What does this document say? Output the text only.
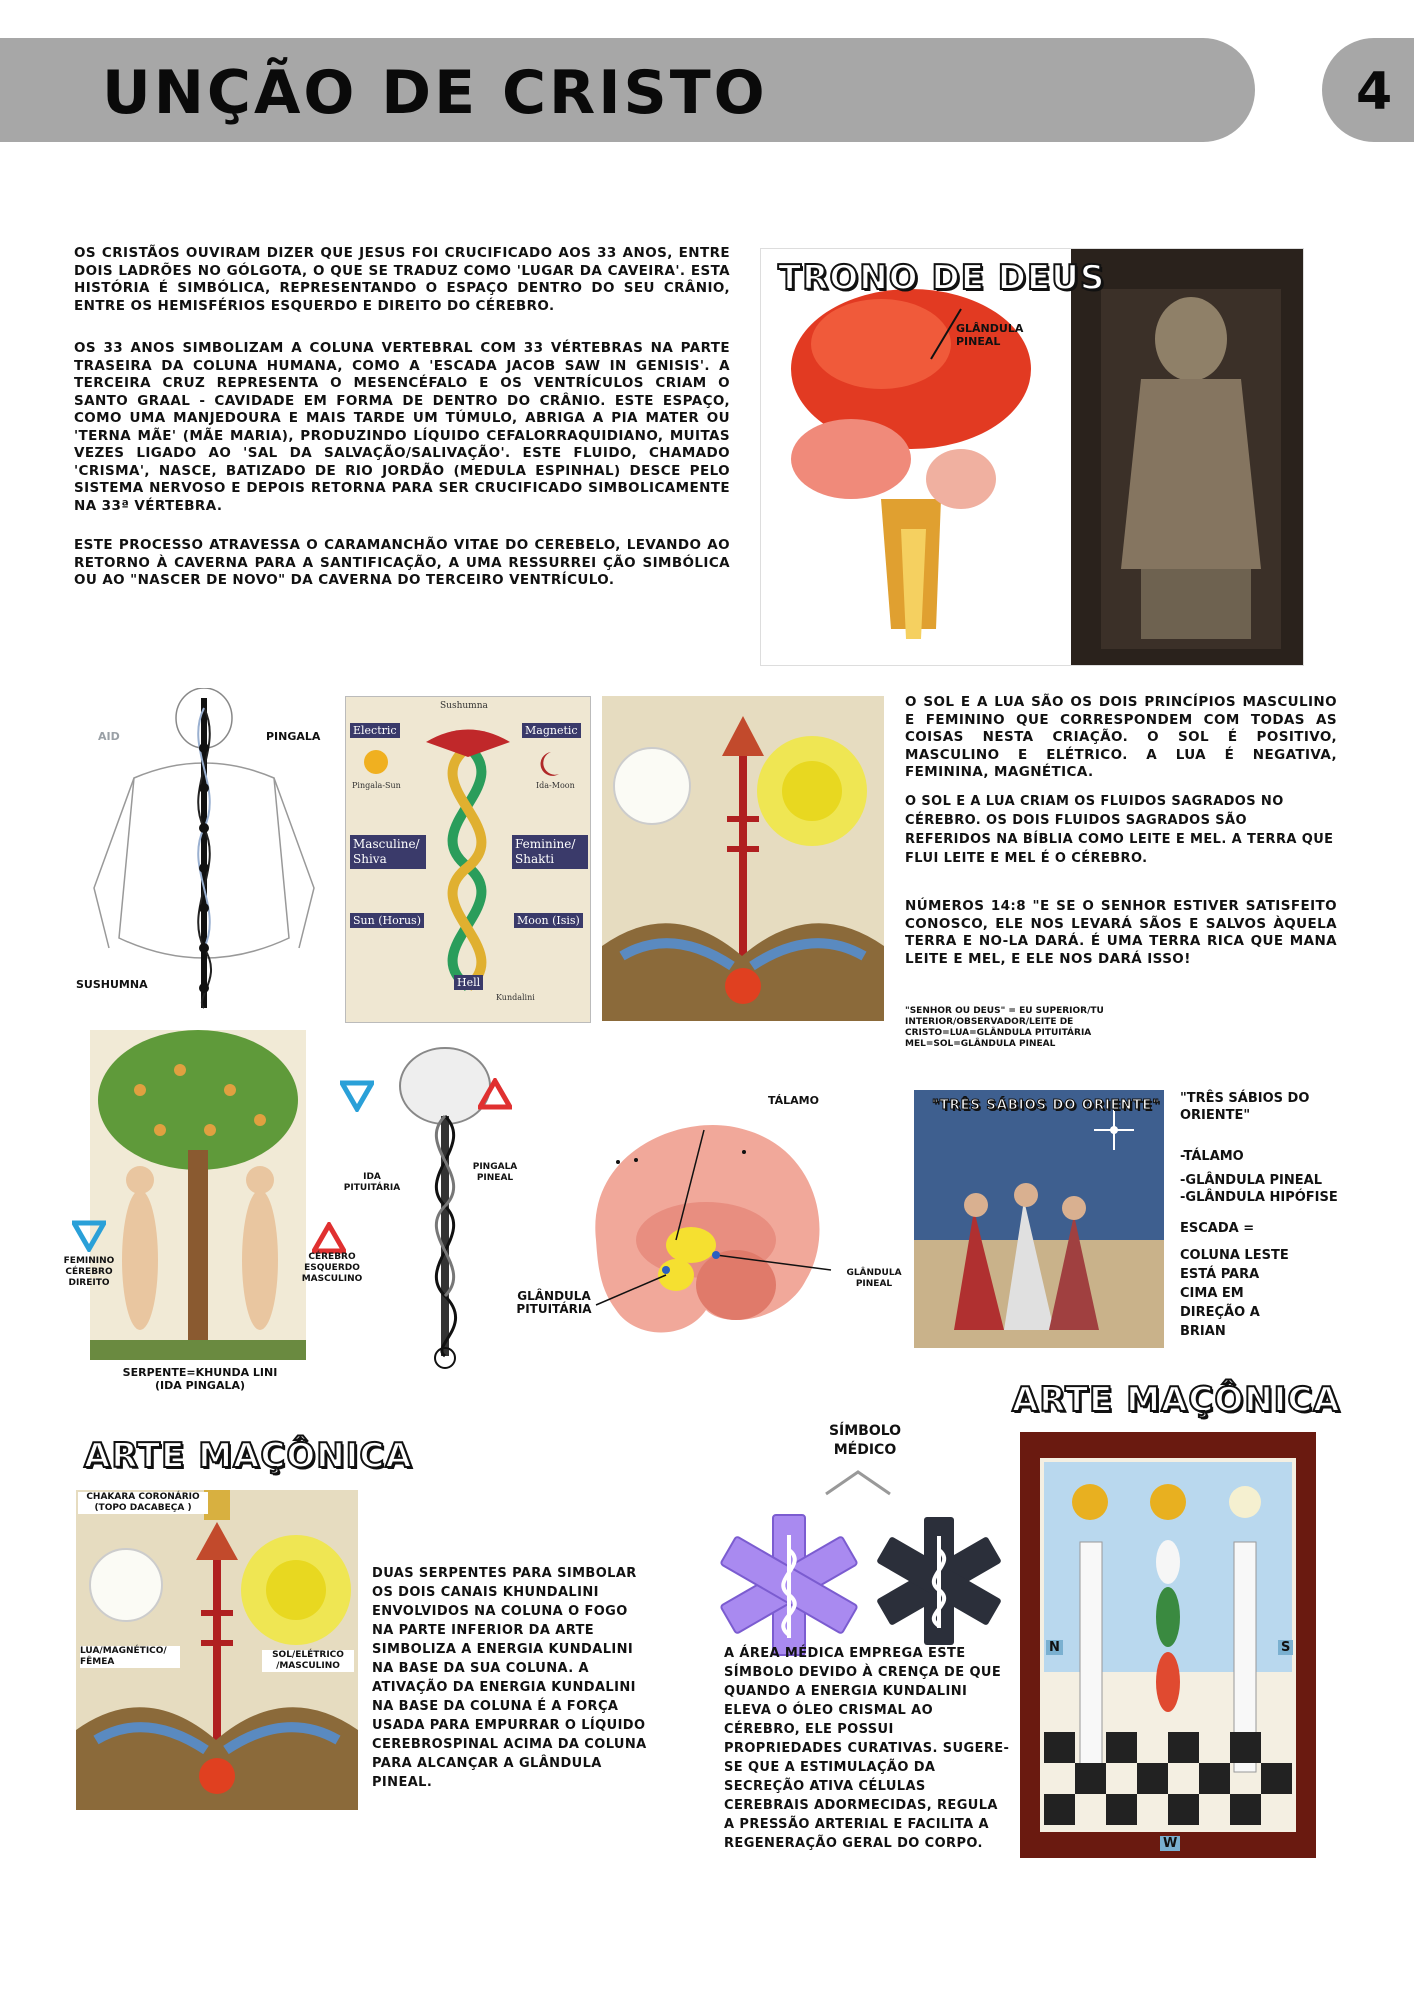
UNÇÃO DE CRISTO	4
OS CRISTÃOS OUVIRAM DIZER QUE JESUS FOI CRUCIFICADO AOS 33 ANOS, ENTRE DOIS LADRÕES NO GÓLGOTA, O QUE SE TRADUZ COMO 'LUGAR DA CAVEIRA'. ESTA HISTÓRIA É SIMBÓLICA, REPRESENTANDO O ESPAÇO DENTRO DO SEU CRÂNIO, ENTRE OS HEMISFÉRIOS ESQUERDO E DIREITO DO CÉREBRO.
OS 33 ANOS SIMBOLIZAM A COLUNA VERTEBRAL COM 33 VÉRTEBRAS NA PARTE TRASEIRA DA COLUNA HUMANA, COMO A 'ESCADA JACOB SAW IN GENISIS'. A TERCEIRA CRUZ REPRESENTA O MESENCÉFALO E OS VENTRÍCULOS CRIAM O SANTO GRAAL - CAVIDADE EM FORMA DE DENTRO DO CRÂNIO. ESTE ESPAÇO, COMO UMA MANJEDOURA E MAIS TARDE UM TÚMULO, ABRIGA A PIA MATER OU 'TERNA MÃE' (MÃE MARIA), PRODUZINDO LÍQUIDO CEFALORRAQUIDIANO, MUITAS VEZES LIGADO AO 'SAL DA SALVAÇÃO/SALIVAÇÃO'. ESTE FLUIDO, CHAMADO 'CRISMA', NASCE, BATIZADO DE RIO JORDÃO (MEDULA ESPINHAL) DESCE PELO SISTEMA NERVOSO E DEPOIS RETORNA PARA SER CRUCIFICADO SIMBOLICAMENTE NA 33ª VÉRTEBRA.
ESTE PROCESSO ATRAVESSA O CARAMANCHÃO VITAE DO CEREBELO, LEVANDO AO RETORNO À CAVERNA PARA A SANTIFICAÇÃO, A UMA RESSURREI ÇÃO SIMBÓLICA OU AO "NASCER DE NOVO" DA CAVERNA DO TERCEIRO VENTRÍCULO.
TRONO DE DEUS
GLÂNDULA PINEAL
AID	PINGALA
SUSHUMNA
Electric	Magnetic
Sushumna
Pingala-Sun	Ida-Moon
Masculine/ Shiva
Feminine/ Shakti
Sun (Horus)	Moon (Isis)
Hell
Kundalini
O SOL E A LUA SÃO OS DOIS PRINCÍPIOS MASCULINO E FEMININO QUE CORRESPONDEM COM TODAS AS COISAS NESTA CRIAÇÃO. O SOL É POSITIVO, MASCULINO E ELÉTRICO. A LUA É NEGATIVA, FEMININA, MAGNÉTICA.
O SOL E A LUA CRIAM OS FLUIDOS SAGRADOS NO CÉREBRO. OS DOIS FLUIDOS SAGRADOS SÃO REFERIDOS NA BÍBLIA COMO LEITE E MEL. A TERRA QUE FLUI LEITE E MEL É O CÉREBRO.
NÚMEROS 14:8 "E SE O SENHOR ESTIVER SATISFEITO CONOSCO, ELE NOS LEVARÁ SÃOS E SALVOS ÀQUELA TERRA E NO-LA DARÁ. É UMA TERRA RICA QUE MANA LEITE E MEL, E ELE NOS DARÁ ISSO!
"SENHOR OU DEUS" = EU SUPERIOR/TU INTERIOR/OBSERVADOR/LEITE DE CRISTO=LUA=GLÂNDULA PITUITÁRIA MEL=SOL=GLÂNDULA PINEAL
FEMININO CÉREBRO DIREITO
CÉREBRO ESQUERDO MASCULINO
SERPENTE=KHUNDA LINI (IDA PINGALA)
IDA PITUITÁRIA
PINGALA PINEAL
TÁLAMO
GLÂNDULA PITUITÁRIA
GLÂNDULA PINEAL
"TRÊS SÁBIOS DO ORIENTE" "TRÊS SÁBIOS DO ORIENTE"
-TÁLAMO
-GLÂNDULA PINEAL
-GLÂNDULA HIPÓFISE
ESCADA =
COLUNA LESTE ESTÁ PARA CIMA EM DIREÇÃO A BRIAN
ARTE MAÇÔNICA
CHAKARA CORONÁRIO (TOPO DACABEÇA )
LUA/MAGNÉTICO/ FÊMEA
SOL/ELÉTRICO /MASCULINO
DUAS SERPENTES PARA SIMBOLAR OS DOIS CANAIS KHUNDALINI ENVOLVIDOS NA COLUNA O FOGO NA PARTE INFERIOR DA ARTE SIMBOLIZA A ENERGIA KUNDALINI NA BASE DA SUA COLUNA. A ATIVAÇÃO DA ENERGIA KUNDALINI NA BASE DA COLUNA É A FORÇA USADA PARA EMPURRAR O LÍQUIDO CEREBROSPINAL ACIMA DA COLUNA PARA ALCANÇAR A GLÂNDULA PINEAL.
SÍMBOLO MÉDICO
A ÁREA MÉDICA EMPREGA ESTE SÍMBOLO DEVIDO À CRENÇA DE QUE QUANDO A ENERGIA KUNDALINI ELEVA O ÓLEO CRISMAL AO CÉREBRO, ELE POSSUI PROPRIEDADES CURATIVAS. SUGERE-SE QUE A ESTIMULAÇÃO DA SECREÇÃO ATIVA CÉLULAS CEREBRAIS ADORMECIDAS, REGULA A PRESSÃO ARTERIAL E FACILITA A REGENERAÇÃO GERAL DO CORPO.
ARTE MAÇÔNICA
N	S
W
